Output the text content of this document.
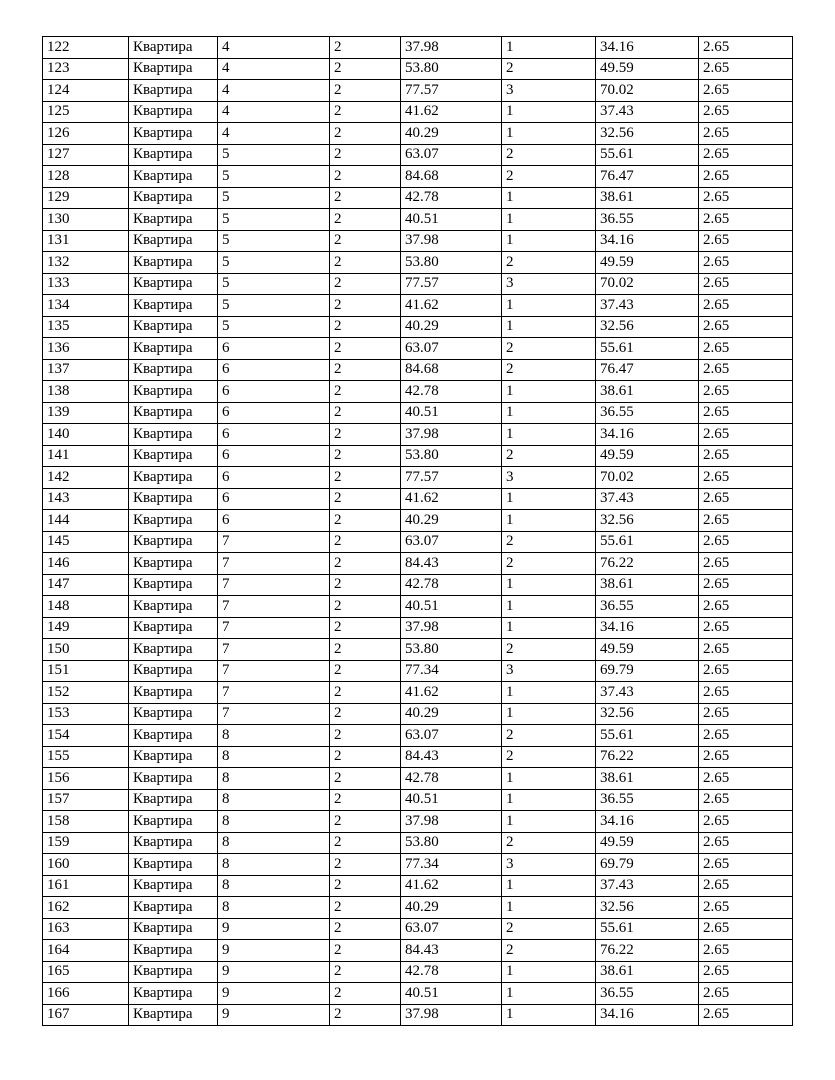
122	Квартира	4	2	37.98	1	34.16	2.65
123	Квартира	4	2	53.80	2	49.59	2.65
124	Квартира	4	2	77.57	3	70.02	2.65
125	Квартира	4	2	41.62	1	37.43	2.65
126	Квартира	4	2	40.29	1	32.56	2.65
127	Квартира	5	2	63.07	2	55.61	2.65
128	Квартира	5	2	84.68	2	76.47	2.65
129	Квартира	5	2	42.78	1	38.61	2.65
130	Квартира	5	2	40.51	1	36.55	2.65
131	Квартира	5	2	37.98	1	34.16	2.65
132	Квартира	5	2	53.80	2	49.59	2.65
133	Квартира	5	2	77.57	3	70.02	2.65
134	Квартира	5	2	41.62	1	37.43	2.65
135	Квартира	5	2	40.29	1	32.56	2.65
136	Квартира	6	2	63.07	2	55.61	2.65
137	Квартира	6	2	84.68	2	76.47	2.65
138	Квартира	6	2	42.78	1	38.61	2.65
139	Квартира	6	2	40.51	1	36.55	2.65
140	Квартира	6	2	37.98	1	34.16	2.65
141	Квартира	6	2	53.80	2	49.59	2.65
142	Квартира	6	2	77.57	3	70.02	2.65
143	Квартира	6	2	41.62	1	37.43	2.65
144	Квартира	6	2	40.29	1	32.56	2.65
145	Квартира	7	2	63.07	2	55.61	2.65
146	Квартира	7	2	84.43	2	76.22	2.65
147	Квартира	7	2	42.78	1	38.61	2.65
148	Квартира	7	2	40.51	1	36.55	2.65
149	Квартира	7	2	37.98	1	34.16	2.65
150	Квартира	7	2	53.80	2	49.59	2.65
151	Квартира	7	2	77.34	3	69.79	2.65
152	Квартира	7	2	41.62	1	37.43	2.65
153	Квартира	7	2	40.29	1	32.56	2.65
154	Квартира	8	2	63.07	2	55.61	2.65
155	Квартира	8	2	84.43	2	76.22	2.65
156	Квартира	8	2	42.78	1	38.61	2.65
157	Квартира	8	2	40.51	1	36.55	2.65
158	Квартира	8	2	37.98	1	34.16	2.65
159	Квартира	8	2	53.80	2	49.59	2.65
160	Квартира	8	2	77.34	3	69.79	2.65
161	Квартира	8	2	41.62	1	37.43	2.65
162	Квартира	8	2	40.29	1	32.56	2.65
163	Квартира	9	2	63.07	2	55.61	2.65
164	Квартира	9	2	84.43	2	76.22	2.65
165	Квартира	9	2	42.78	1	38.61	2.65
166	Квартира	9	2	40.51	1	36.55	2.65
167	Квартира	9	2	37.98	1	34.16	2.65
